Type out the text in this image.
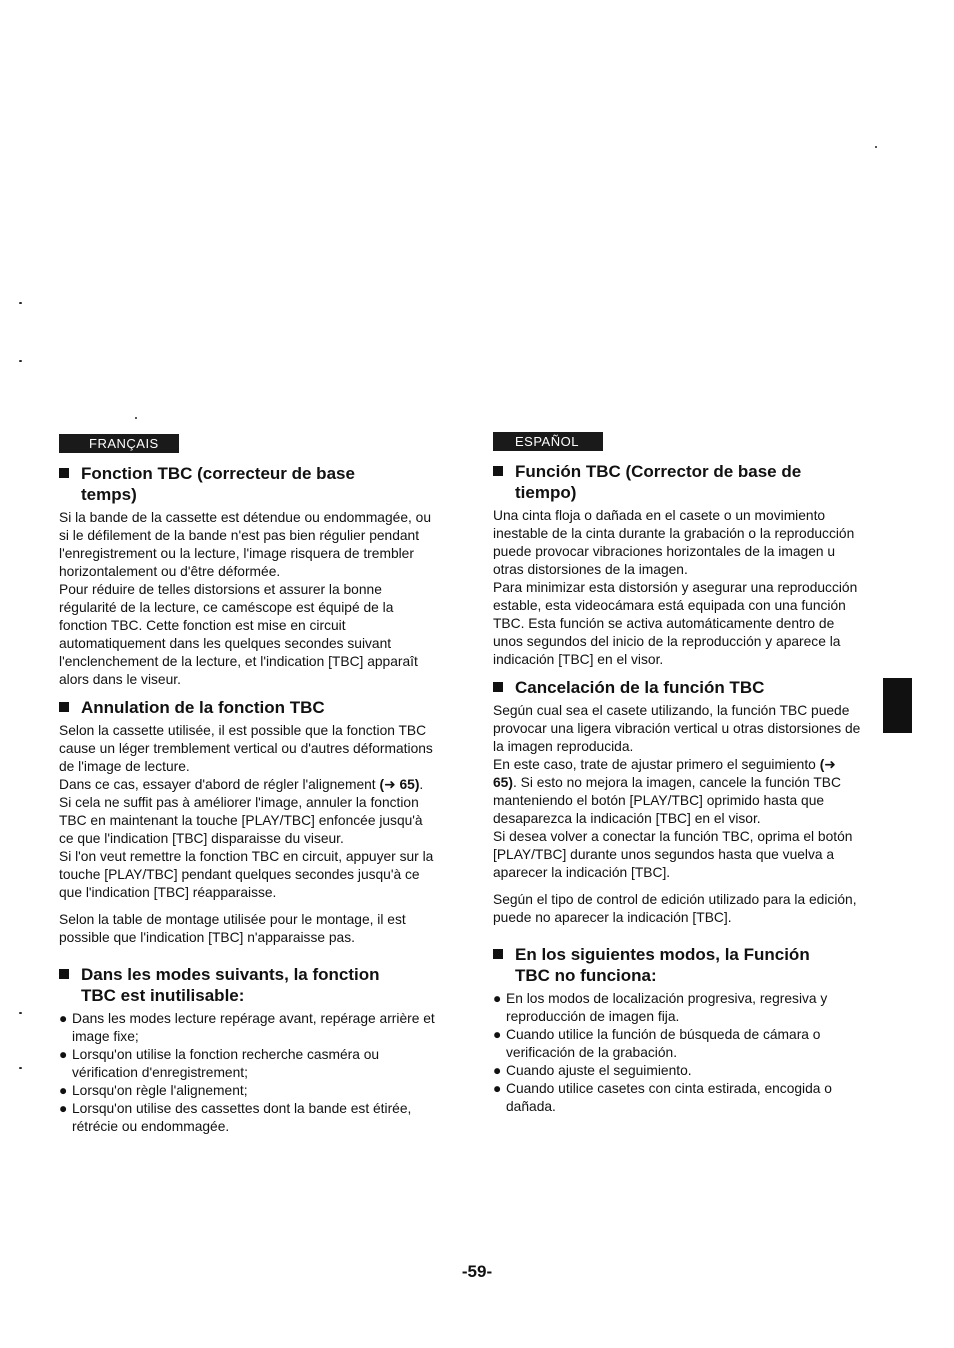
FRANÇAIS
Fonction TBC (correcteur de base
temps)

Si la bande de la cassette est détendue ou endommagée, ou si le défilement de la bande n'est pas bien régulier pendant l'enregistrement ou la lecture, l'image risquera de trembler horizontalement ou d'être déformée.

Pour réduire de telles distorsions et assurer la bonne régularité de la lecture, ce caméscope est équipé de la fonction TBC. Cette fonction est mise en circuit automatiquement dans les quelques secondes suivant l'enclenchement de la lecture, et l'indication [TBC] apparaît alors dans le viseur.

Annulation de la fonction TBC

Selon la cassette utilisée, il est possible que la fonction TBC cause un léger tremblement vertical ou d'autres déformations de l'image de lecture.

Dans ce cas, essayer d'abord de régler l'alignement (➜ 65). Si cela ne suffit pas à améliorer l'image, annuler la fonction TBC en maintenant la touche [PLAY/TBC] enfoncée jusqu'à ce que l'indication [TBC] disparaisse du viseur.

Si l'on veut remettre la fonction TBC en circuit, appuyer sur la touche [PLAY/TBC] pendant quelques secondes jusqu'à ce que l'indication [TBC] réapparaisse.

Selon la table de montage utilisée pour le montage, il est possible que l'indication [TBC] n'apparaisse pas.

Dans les modes suivants, la fonction
TBC est inutilisable:
● Dans les modes lecture repérage avant, repérage arrière et image fixe;
● Lorsqu'on utilise la fonction recherche casméra ou vérification d'enregistrement;
● Lorsqu'on règle l'alignement;
● Lorsqu'on utilise des cassettes dont la bande est étirée, rétrécie ou endommagée.
ESPAÑOL
Función TBC (Corrector de base de
tiempo)

Una cinta floja o dañada en el casete o un movimiento inestable de la cinta durante la grabación o la reproducción puede provocar vibraciones horizontales de la imagen u otras distorsiones de la imagen.

Para minimizar esta distorsión y asegurar una reproducción estable, esta videocámara está equipada con una función TBC. Esta función se activa automáticamente dentro de unos segundos del inicio de la reproducción y aparece la indicación [TBC] en el visor.

Cancelación de la función TBC

Según cual sea el casete utilizando, la función TBC puede provocar una ligera vibración vertical u otras distorsiones de la imagen reproducida.

En este caso, trate de ajustar primero el seguimiento (➜ 65). Si esto no mejora la imagen, cancele la función TBC manteniendo el botón [PLAY/TBC] oprimido hasta que desaparezca la indicación [TBC] en el visor.

Si desea volver a conectar la función TBC, oprima el botón [PLAY/TBC] durante unos segundos hasta que vuelva a aparecer la indicación [TBC].

Según el tipo de control de edición utilizado para la edición, puede no aparecer la indicación [TBC].

En los siguientes modos, la Función
TBC no funciona:
● En los modos de localización progresiva, regresiva y reproducción de imagen fija.
● Cuando utilice la función de búsqueda de cámara o verificación de la grabación.
● Cuando ajuste el seguimiento.
● Cuando utilice casetes con cinta estirada, encogida o dañada.
-59-
